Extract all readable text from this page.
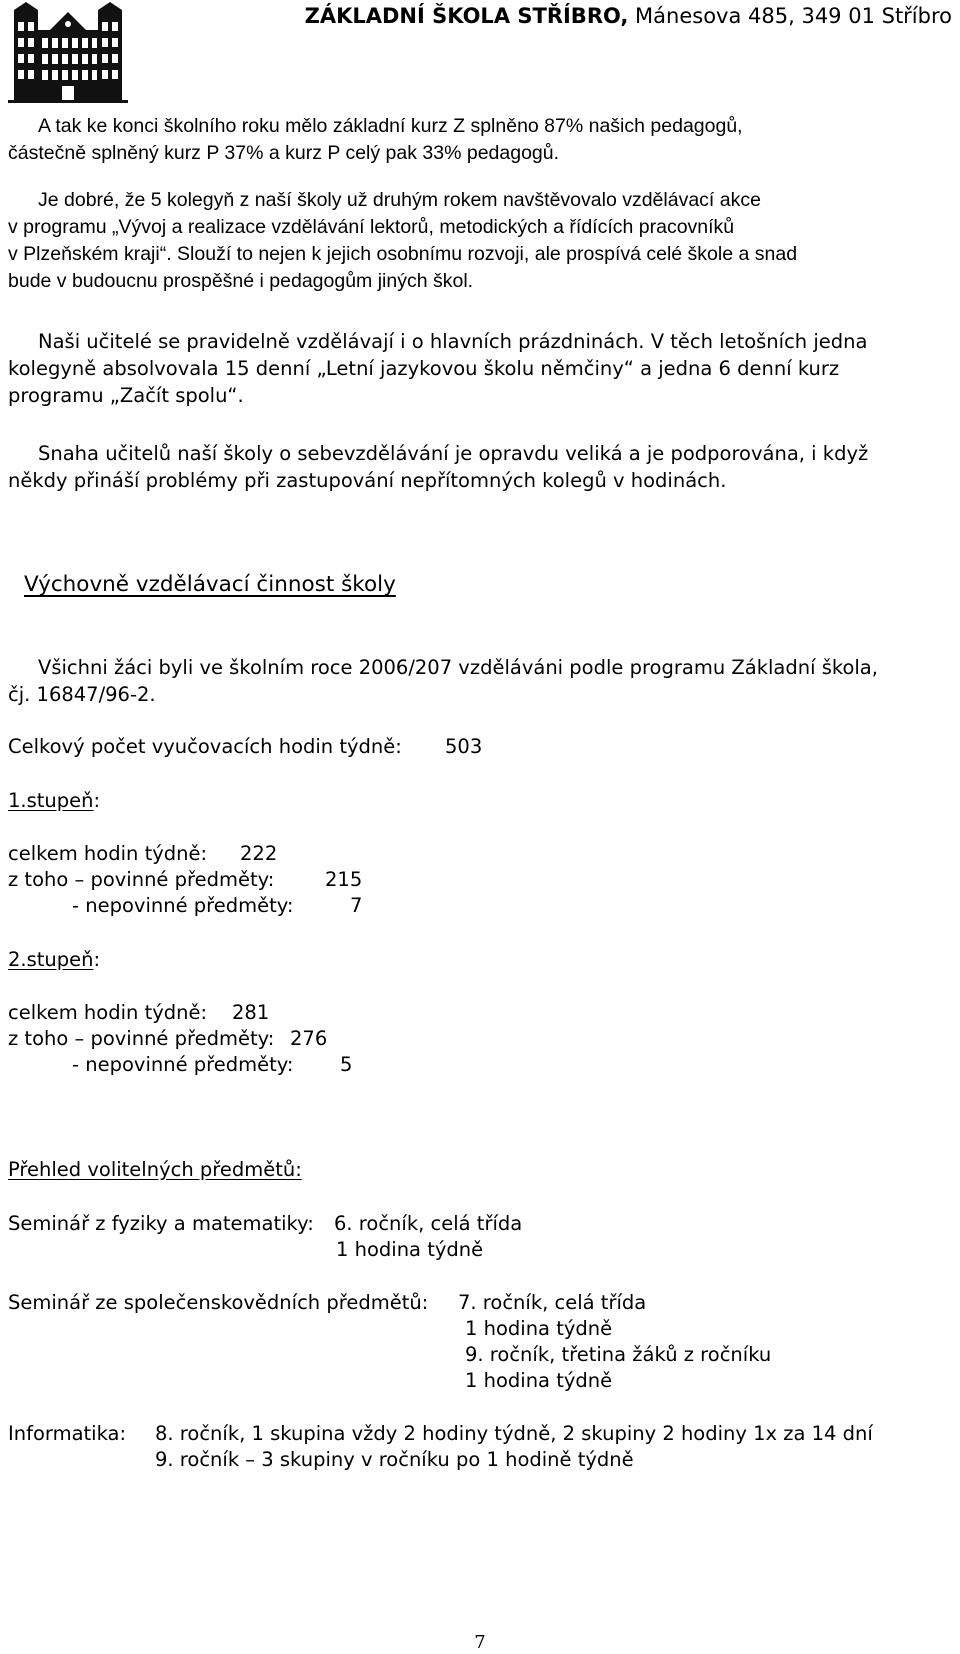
ZÁKLADNÍ ŠKOLA STŘÍBRO, Mánesova 485, 349 01 Stříbro
A tak ke konci školního roku mělo základní kurz Z splněno 87% našich pedagogů,
částečně splněný kurz P 37% a kurz P celý pak 33% pedagogů.
Je dobré, že 5 kolegyň z naší školy už druhým rokem navštěvovalo vzdělávací akce
v programu „Vývoj a realizace vzdělávání lektorů, metodických a řídících pracovníků
v Plzeňském kraji“. Slouží to nejen k jejich osobnímu rozvoji, ale prospívá celé škole a snad
bude v budoucnu prospěšné i pedagogům jiných škol.
Naši učitelé se pravidelně vzdělávají i o hlavních prázdninách. V těch letošních jedna
kolegyně absolvovala 15 denní „Letní jazykovou školu němčiny“ a jedna 6 denní kurz
programu „Začít spolu“.
Snaha učitelů naší školy o sebevzdělávání je opravdu veliká a je podporována, i když
někdy přináší problémy při zastupování nepřítomných kolegů v hodinách.
Výchovně vzdělávací činnost školy
Všichni žáci byli ve školním roce 2006/207 vzděláváni podle programu Základní škola,
čj. 16847/96-2.
Celkový počet vyučovacích hodin týdně: 503
1.stupeň:
celkem hodin týdně: 222
z toho – povinné předměty:	215
- nepovinné předměty:	7
2.stupeň:
celkem hodin týdně: 281
z toho – povinné předměty: 276
- nepovinné předměty: 5
Přehled volitelných předmětů:
Seminář z fyziky a matematiky: 6. ročník, celá třída
1 hodina týdně
Seminář ze společenskovědních předmětů: 7. ročník, celá třída
1 hodina týdně
9. ročník, třetina žáků z ročníku
1 hodina týdně
Informatika: 8. ročník, 1 skupina vždy 2 hodiny týdně, 2 skupiny 2 hodiny 1x za 14 dní
9. ročník – 3 skupiny v ročníku po 1 hodině týdně
7
